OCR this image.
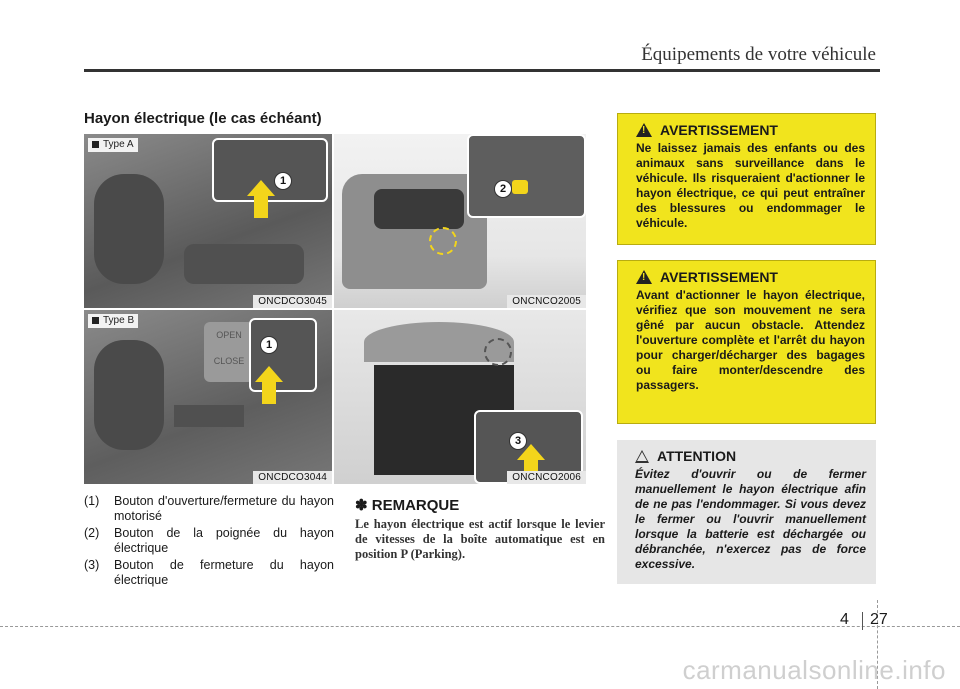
Équipements de votre véhicule
Hayon électrique (le cas échéant)
1
Type A
ONCDCO3045
2
ONCNCO2005
OPEN
CLOSE
1
Type B
ONCDCO3044
3
ONCNCO2006
(1)	Bouton d'ouverture/fermeture du hayon motorisé
(2)	Bouton de la poignée du hayon électrique
(3)	Bouton de fermeture du hayon électrique
✽ REMARQUE
Le hayon électrique est actif lorsque le levier de vitesses de la boîte automatique est en position P (Parking).
!
AVERTISSEMENT
Ne laissez jamais des enfants ou des animaux sans surveillance dans le véhicule. Ils risqueraient d'actionner le hayon électrique, ce qui peut entraîner des blessures ou endommager le véhicule.
!
AVERTISSEMENT
Avant d'actionner le hayon électrique, vérifiez que son mouvement ne sera gêné par aucun obstacle. Attendez l'ouverture complète et l'arrêt du hayon pour charger/décharger des bagages ou faire monter/descendre des passagers.
ATTENTION
Évitez d'ouvrir ou de fermer manuellement le hayon électrique afin de ne pas l'endommager. Si vous devez le fermer ou l'ouvrir manuellement lorsque la batterie est déchargée ou débranchée, n'exercez pas de force excessive.
4 27
carmanualsonline.info
